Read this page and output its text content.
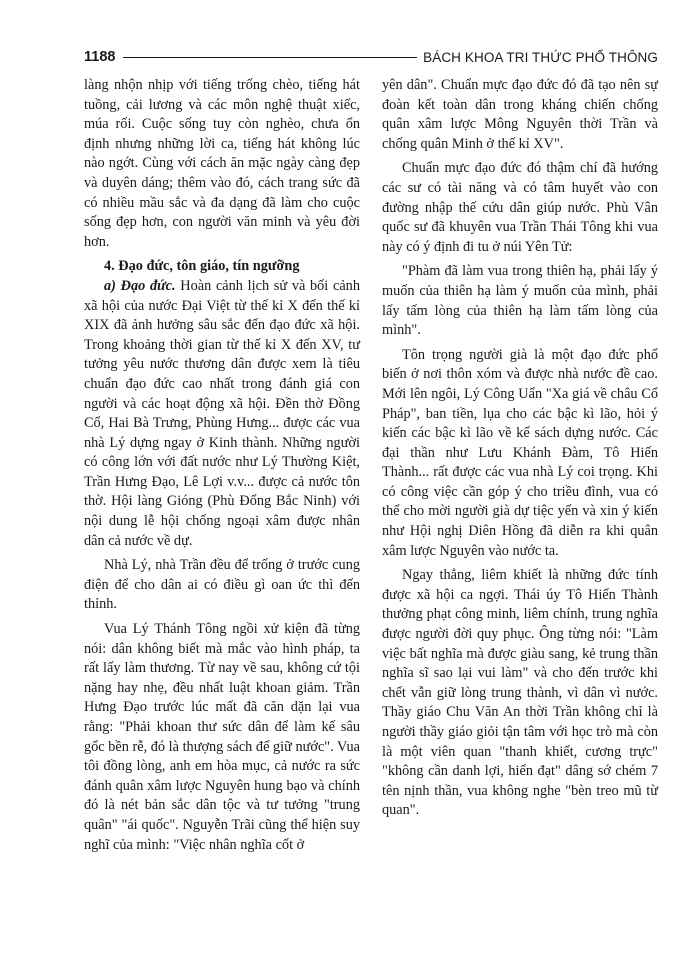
1188	BÁCH KHOA TRI THỨC PHỔ THÔNG

làng nhộn nhịp với tiếng trống chèo, tiếng hát tuồng, cải lương và các môn nghệ thuật xiếc, múa rối. Cuộc sống tuy còn nghèo, chưa ổn định nhưng những lời ca, tiếng hát không lúc nào ngớt. Cùng với cách ăn mặc ngày càng đẹp và duyên dáng; thêm vào đó, cách trang sức đã có nhiều mầu sắc và đa dạng đã làm cho cuộc sống đẹp hơn, con người văn minh và yêu đời hơn.

4. Đạo đức, tôn giáo, tín ngưỡng

a) Đạo đức. Hoàn cảnh lịch sử và bối cảnh xã hội của nước Đại Việt từ thế kỉ X đến thế kỉ XIX đã ảnh hưởng sâu sắc đến đạo đức xã hội. Trong khoảng thời gian từ thế kỉ X đến XV, tư tưởng yêu nước thương dân được xem là tiêu chuẩn đạo đức cao nhất trong đánh giá con người và các hoạt động xã hội. Đền thờ Đồng Cổ, Hai Bà Trưng, Phùng Hưng... được các vua nhà Lý dựng ngay ở Kinh thành. Những người có công lớn với đất nước như Lý Thường Kiệt, Trần Hưng Đạo, Lê Lợi v.v... được cả nước tôn thờ. Hội làng Gióng (Phù Đổng Bắc Ninh) với nội dung lễ hội chống ngoại xâm được nhân dân cả nước về dự.

Nhà Lý, nhà Trần đều để trống ở trước cung điện để cho dân ai có điều gì oan ức thì đến thỉnh.

Vua Lý Thánh Tông ngồi xử kiện đã từng nói: dân không biết mà mắc vào hình pháp, ta rất lấy làm thương. Từ nay về sau, không cứ tội nặng hay nhẹ, đều nhất luật khoan giảm. Trần Hưng Đạo trước lúc mất đã căn dặn lại vua rằng: "Phải khoan thư sức dân để làm kế sâu gốc bền rễ, đó là thượng sách để giữ nước". Vua tôi đồng lòng, anh em hòa mục, cả nước ra sức đánh quân xâm lược Nguyên hung bạo và chính đó là nét bản sắc dân tộc và tư tưởng "trung quân" "ái quốc". Nguyễn Trãi cũng thể hiện suy nghĩ của mình: "Việc nhân nghĩa cốt ở

yên dân". Chuẩn mực đạo đức đó đã tạo nên sự đoàn kết toàn dân trong kháng chiến chống quân xâm lược Mông Nguyên thời Trần và chống quân Minh ở thế kỉ XV".

Chuẩn mực đạo đức đó thậm chí đã hướng các sư có tài năng và có tâm huyết vào con đường nhập thế cứu dân giúp nước. Phù Vân quốc sư đã khuyên vua Trần Thái Tông khi vua này có ý định đi tu ở núi Yên Tử:

"Phàm đã làm vua trong thiên hạ, phải lấy ý muốn của thiên hạ làm ý muốn của mình, phải lấy tấm lòng của thiên hạ làm tấm lòng của mình".

Tôn trọng người già là một đạo đức phổ biến ở nơi thôn xóm và được nhà nước đề cao. Mới lên ngôi, Lý Công Uẩn "Xa giá về châu Cổ Pháp", ban tiền, lụa cho các bậc kì lão, hỏi ý kiến các bậc kì lão về kế sách dựng nước. Các đại thần như Lưu Khánh Đàm, Tô Hiến Thành... rất được các vua nhà Lý coi trọng. Khi có công việc cần góp ý cho triều đình, vua có thể cho mời người già dự tiệc yến và xin ý kiến như Hội nghị Diên Hồng đã diễn ra khi quân xâm lược Nguyên vào nước ta.

Ngay thẳng, liêm khiết là những đức tính được xã hội ca ngợi. Thái úy Tô Hiến Thành thưởng phạt công minh, liêm chính, trung nghĩa được người đời quy phục. Ông từng nói: "Làm việc bất nghĩa mà được giàu sang, kẻ trung thần nghĩa sĩ sao lại vui làm" và cho đến trước khi chết vẫn giữ lòng trung thành, vì dân vì nước. Thầy giáo Chu Văn An thời Trần không chỉ là người thầy giáo giỏi tận tâm với học trò mà còn là một viên quan "thanh khiết, cương trực" "không cần danh lợi, hiển đạt" dâng sớ chém 7 tên nịnh thần, vua không nghe "bèn treo mũ từ quan".
